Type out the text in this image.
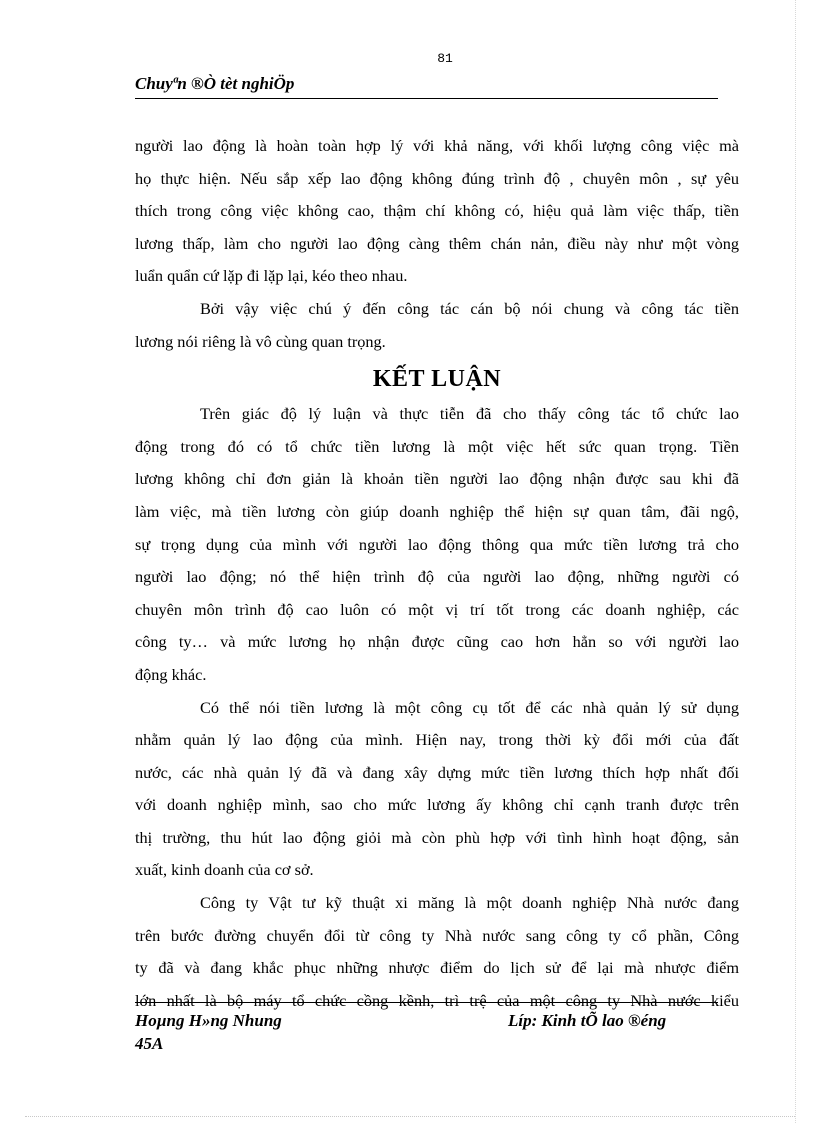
81
Chuyªn ®Ò tèt nghiÖp

người lao động là hoàn toàn hợp lý với khả năng, với khối lượng công việc mà

họ thực hiện. Nếu sắp xếp lao động không đúng trình độ , chuyên môn , sự yêu

thích trong công việc không cao, thậm chí không có, hiệu quả làm việc thấp, tiền

lương thấp, làm cho người lao động càng thêm chán nản, điều này như một vòng

luẩn quẩn cứ lặp đi lặp lại, kéo theo nhau.

Bởi vậy việc chú ý đến công tác cán bộ nói chung và công tác tiền

lương nói riêng là vô cùng quan trọng.

KẾT LUẬN

Trên giác độ lý luận và thực tiễn đã cho thấy công tác tổ chức lao

động trong đó có tổ chức tiền lương là một việc hết sức quan trọng. Tiền

lương không chỉ đơn giản là khoản tiền người lao động nhận được sau khi đã

làm việc, mà tiền lương còn giúp doanh nghiệp thể hiện sự quan tâm, đãi ngộ,

sự trọng dụng của mình với người lao động thông qua mức tiền lương trả cho

người lao động; nó thể hiện trình độ của người lao động, những người có

chuyên môn trình độ cao luôn có một vị trí tốt trong các doanh nghiệp, các

công ty… và mức lương họ nhận được cũng cao hơn hẳn so với người lao

động khác.

Có thể nói tiền lương là một công cụ tốt để các nhà quản lý sử dụng

nhằm quản lý lao động của mình. Hiện nay, trong thời kỳ đổi mới của đất

nước, các nhà quản lý đã và đang xây dựng mức tiền lương thích hợp nhất đối

với doanh nghiệp mình, sao cho mức lương ấy không chỉ cạnh tranh được trên

thị trường, thu hút lao động giỏi mà còn phù hợp với tình hình hoạt động, sản

xuất, kinh doanh của cơ sở.

Công ty Vật tư kỹ thuật xi măng là một doanh nghiệp Nhà nước đang

trên bước đường chuyển đổi từ công ty Nhà nước sang công ty cổ phần, Công

ty đã và đang khắc phục những nhược điểm do lịch sử để lại mà nhược điểm

lớn nhất là bộ máy tổ chức cồng kềnh, trì trệ của một công ty Nhà nước kiểu

Hoµng H»ng Nhung
45A
Líp: Kinh tÕ lao ®éng
